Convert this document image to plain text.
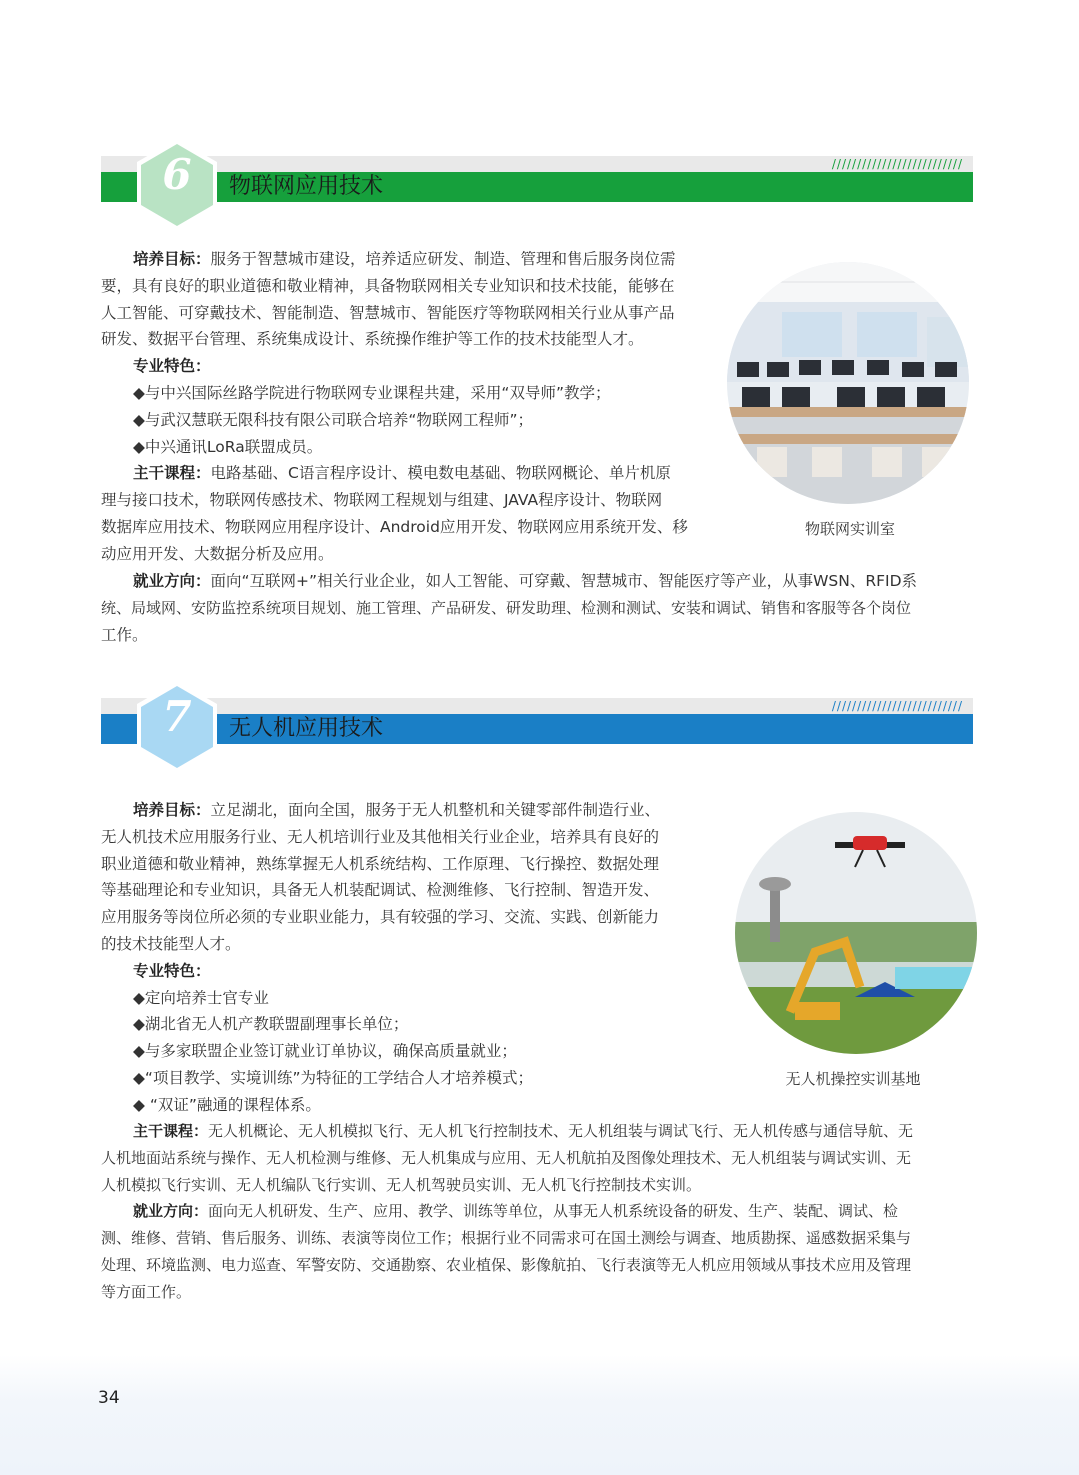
//////////////////////////
6	物联网应用技术
培养目标：服务于智慧城市建设，培养适应研发、制造、管理和售后服务岗位需
要，具有良好的职业道德和敬业精神，具备物联网相关专业知识和技术技能，能够在
人工智能、可穿戴技术、智能制造、智慧城市、智能医疗等物联网相关行业从事产品
研发、数据平台管理、系统集成设计、系统操作维护等工作的技术技能型人才。
专业特色：
◆与中兴国际丝路学院进行物联网专业课程共建，采用“双导师”教学；
◆与武汉慧联无限科技有限公司联合培养“物联网工程师”；
◆中兴通讯LoRa联盟成员。
主干课程：电路基础、C语言程序设计、模电数电基础、物联网概论、单片机原
理与接口技术，物联网传感技术、物联网工程规划与组建、JAVA程序设计、物联网
数据库应用技术、物联网应用程序设计、Android应用开发、物联网应用系统开发、移
动应用开发、大数据分析及应用。
就业方向：面向“互联网+”相关行业企业，如人工智能、可穿戴、智慧城市、智能医疗等产业，从事WSN、RFID系
统、局域网、安防监控系统项目规划、施工管理、产品研发、研发助理、检测和测试、安装和调试、销售和客服等各个岗位
工作。
物联网实训室
//////////////////////////
7	无人机应用技术
培养目标：立足湖北，面向全国，服务于无人机整机和关键零部件制造行业、
无人机技术应用服务行业、无人机培训行业及其他相关行业企业，培养具有良好的
职业道德和敬业精神，熟练掌握无人机系统结构、工作原理、飞行操控、数据处理
等基础理论和专业知识，具备无人机装配调试、检测维修、飞行控制、智造开发、
应用服务等岗位所必须的专业职业能力，具有较强的学习、交流、实践、创新能力
的技术技能型人才。
专业特色：
◆定向培养士官专业
◆湖北省无人机产教联盟副理事长单位；
◆与多家联盟企业签订就业订单协议，确保高质量就业；
◆“项目教学、实境训练”为特征的工学结合人才培养模式；
◆ “双证”融通的课程体系。
主干课程：无人机概论、无人机模拟飞行、无人机飞行控制技术、无人机组装与调试飞行、无人机传感与通信导航、无
人机地面站系统与操作、无人机检测与维修、无人机集成与应用、无人机航拍及图像处理技术、无人机组装与调试实训、无
人机模拟飞行实训、无人机编队飞行实训、无人机驾驶员实训、无人机飞行控制技术实训。
就业方向：面向无人机研发、生产、应用、教学、训练等单位，从事无人机系统设备的研发、生产、装配、调试、检
测、维修、营销、售后服务、训练、表演等岗位工作；根据行业不同需求可在国土测绘与调查、地质勘探、遥感数据采集与
处理、环境监测、电力巡查、军警安防、交通勘察、农业植保、影像航拍、飞行表演等无人机应用领域从事技术应用及管理
等方面工作。
无人机操控实训基地
34
